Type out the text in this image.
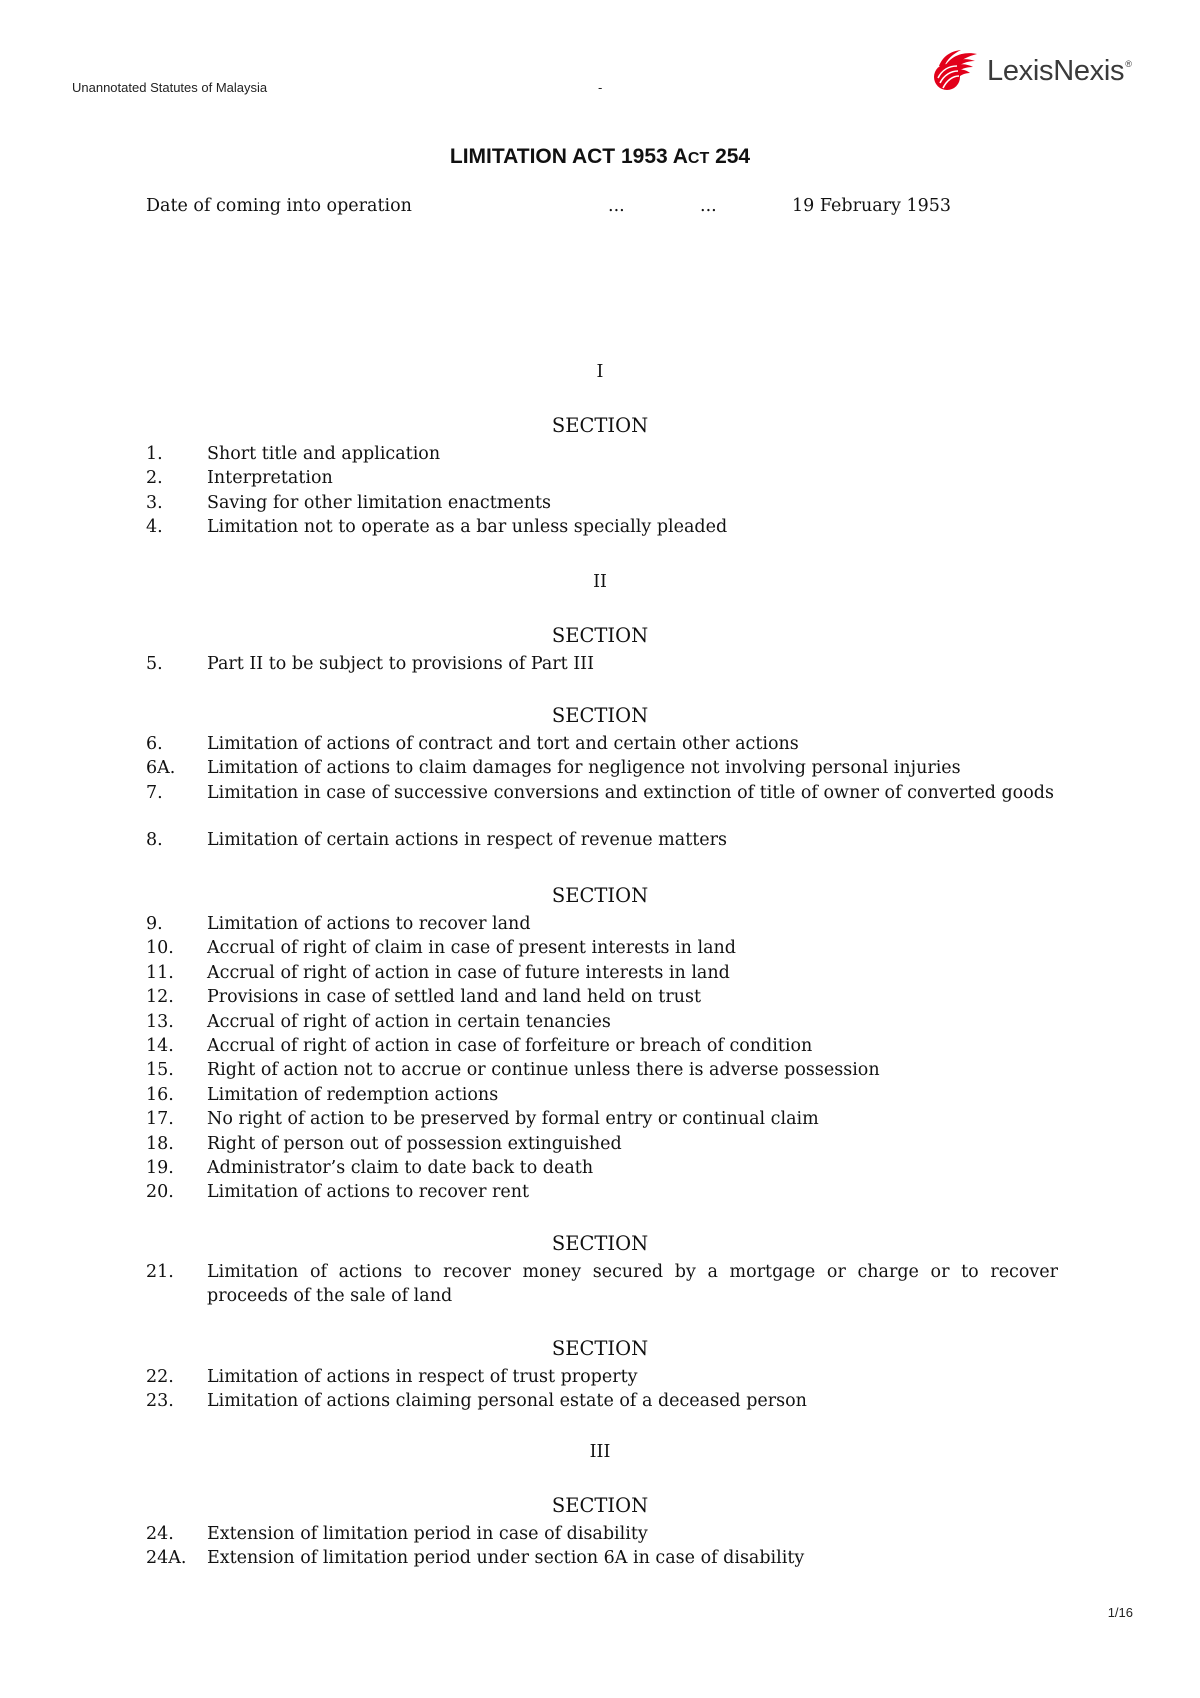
Unannotated Statutes of Malaysia	-
LexisNexis®
LIMITATION ACT 1953 ACT 254
Date of coming into operation	...	...	19 February 1953
I
SECTION
1.	Short title and application
2.	Interpretation
3.	Saving for other limitation enactments
4.	Limitation not to operate as a bar unless specially pleaded
II
SECTION
5.	Part II to be subject to provisions of Part III
SECTION
6.	Limitation of actions of contract and tort and certain other actions
6A. Limitation of actions to claim damages for negligence not involving personal injuries
7.	Limitation in case of successive conversions and extinction of title of owner of converted goods
8.	Limitation of certain actions in respect of revenue matters
SECTION
9.	Limitation of actions to recover land
10. Accrual of right of claim in case of present interests in land
11. Accrual of right of action in case of future interests in land
12. Provisions in case of settled land and land held on trust
13. Accrual of right of action in certain tenancies
14. Accrual of right of action in case of forfeiture or breach of condition
15. Right of action not to accrue or continue unless there is adverse possession
16. Limitation of redemption actions
17. No right of action to be preserved by formal entry or continual claim
18. Right of person out of possession extinguished
19. Administrator’s claim to date back to death
20. Limitation of actions to recover rent
SECTION
21. Limitation of actions to recover money secured by a mortgage or charge or to recover proceeds of the sale of land
SECTION
22. Limitation of actions in respect of trust property
23. Limitation of actions claiming personal estate of a deceased person
III
SECTION
24. Extension of limitation period in case of disability
24A. Extension of limitation period under section 6A in case of disability
1/16
